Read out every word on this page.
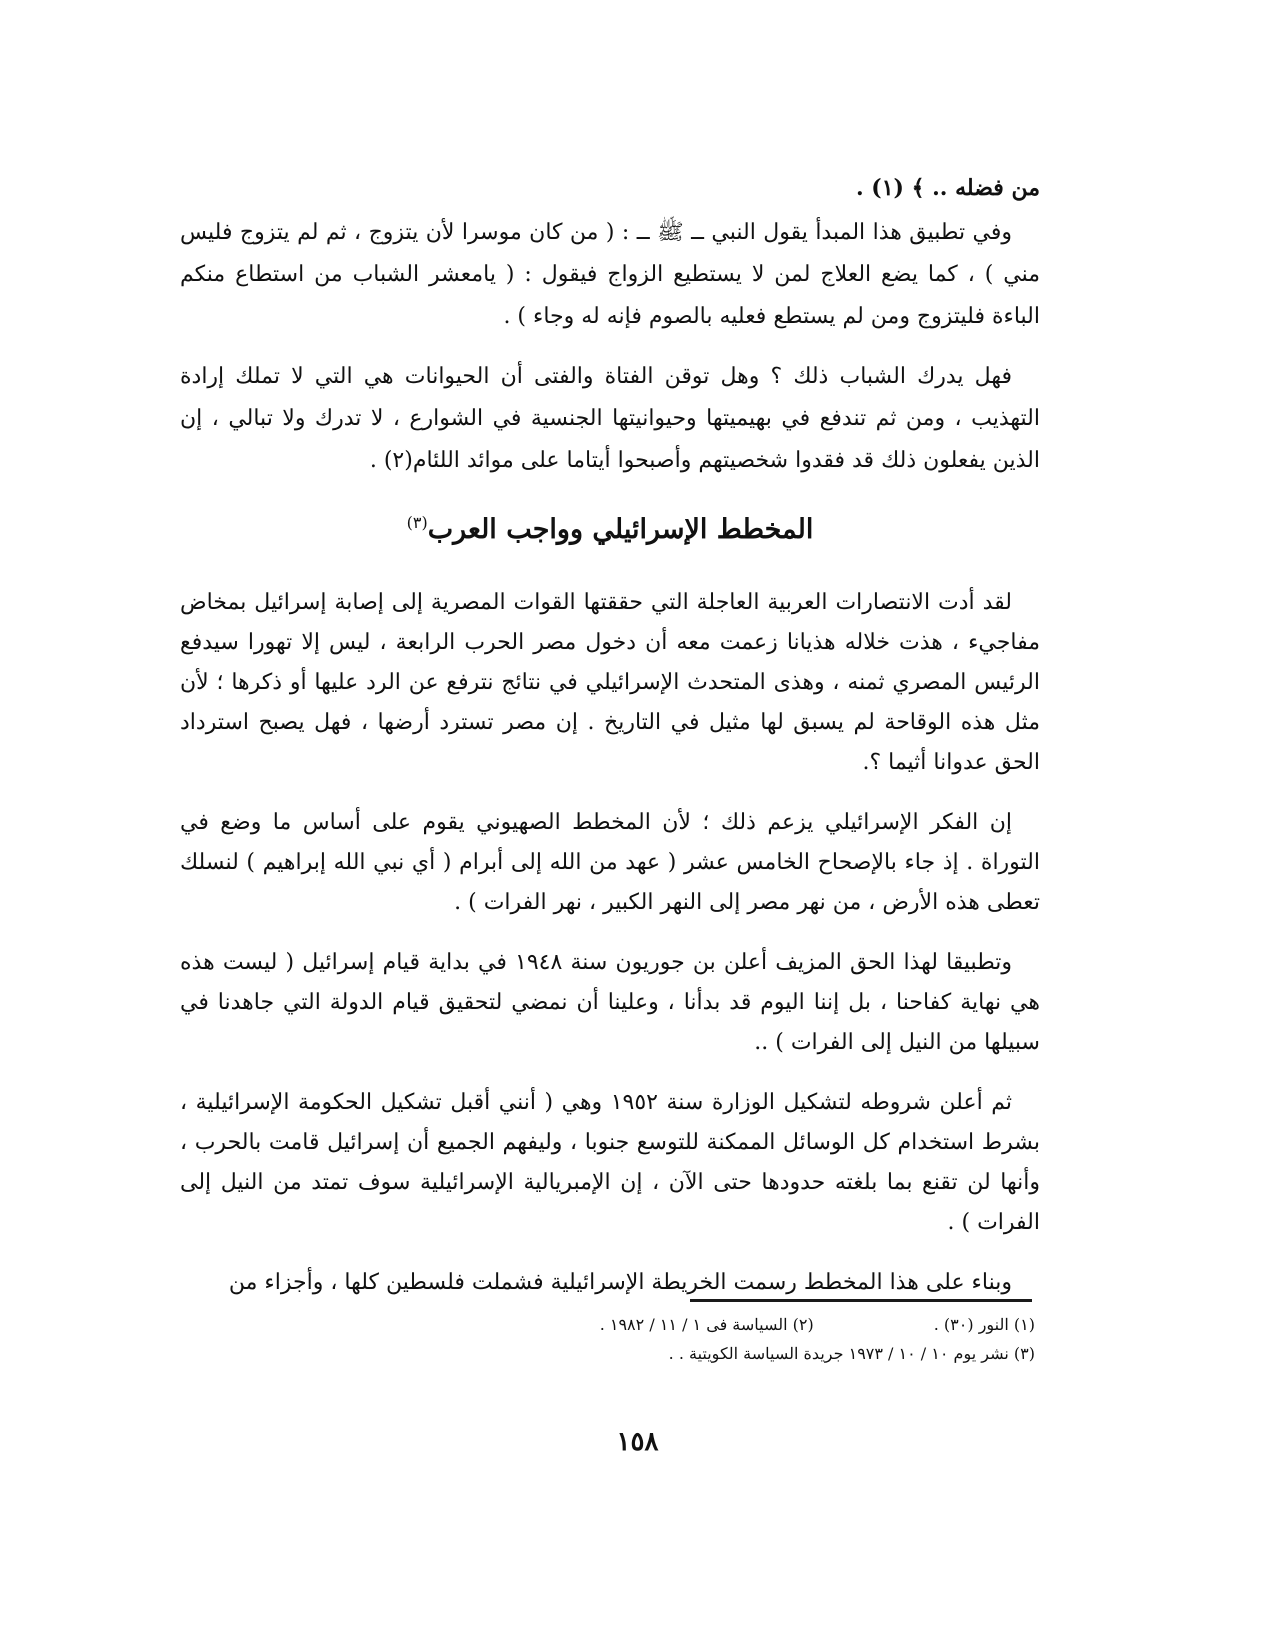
من فضله .. ﴾ (١) .

وفي تطبيق هذا المبدأ يقول النبي ــ ﷺ ــ : ( من كان موسرا لأن يتزوج ، ثم لم يتزوج فليس مني ) ، كما يضع العلاج لمن لا يستطيع الزواج فيقول : ( يامعشر الشباب من استطاع منكم الباءة فليتزوج ومن لم يستطع فعليه بالصوم فإنه له وجاء ) .

فهل يدرك الشباب ذلك ؟ وهل توقن الفتاة والفتى أن الحيوانات هي التي لا تملك إرادة التهذيب ، ومن ثم تندفع في بهيميتها وحيوانيتها الجنسية في الشوارع ، لا تدرك ولا تبالي ، إن الذين يفعلون ذلك قد فقدوا شخصيتهم وأصبحوا أيتاما على موائد اللئام(٢) .

المخطط الإسرائيلي وواجب العرب$^{(٣)}$

لقد أدت الانتصارات العربية العاجلة التي حققتها القوات المصرية إلى إصابة إسرائيل بمخاض مفاجيء ، هذت خلاله هذيانا زعمت معه أن دخول مصر الحرب الرابعة ، ليس إلا تهورا سيدفع الرئيس المصري ثمنه ، وهذى المتحدث الإسرائيلي في نتائج نترفع عن الرد عليها أو ذكرها ؛ لأن مثل هذه الوقاحة لم يسبق لها مثيل في التاريخ . إن مصر تسترد أرضها ، فهل يصبح استرداد الحق عدوانا أثيما ؟.

إن الفكر الإسرائيلي يزعم ذلك ؛ لأن المخطط الصهيوني يقوم على أساس ما وضع في التوراة . إذ جاء بالإصحاح الخامس عشر ( عهد من الله إلى أبرام ( أي نبي الله إبراهيم ) لنسلك تعطى هذه الأرض ، من نهر مصر إلى النهر الكبير ، نهر الفرات ) .

وتطبيقا لهذا الحق المزيف أعلن بن جوريون سنة ١٩٤٨ في بداية قيام إسرائيل ( ليست هذه هي نهاية كفاحنا ، بل إننا اليوم قد بدأنا ، وعلينا أن نمضي لتحقيق قيام الدولة التي جاهدنا في سبيلها من النيل إلى الفرات ) ..

ثم أعلن شروطه لتشكيل الوزارة سنة ١٩٥٢ وهي ( أنني أقبل تشكيل الحكومة الإسرائيلية ، بشرط استخدام كل الوسائل الممكنة للتوسع جنوبا ، وليفهم الجميع أن إسرائيل قامت بالحرب ، وأنها لن تقنع بما بلغته حدودها حتى الآن ، إن الإمبريالية الإسرائيلية سوف تمتد من النيل إلى الفرات ) .

وبناء على هذا المخطط رسمت الخريطة الإسرائيلية فشملت فلسطين كلها ، وأجزاء من

(١) النور (٣٠) .
(٢) السياسة فى ١ / ١١ / ١٩٨٢ .
(٣) نشر يوم ١٠ / ١٠ / ١٩٧٣ جريدة السياسة الكويتية . .
١٥٨
